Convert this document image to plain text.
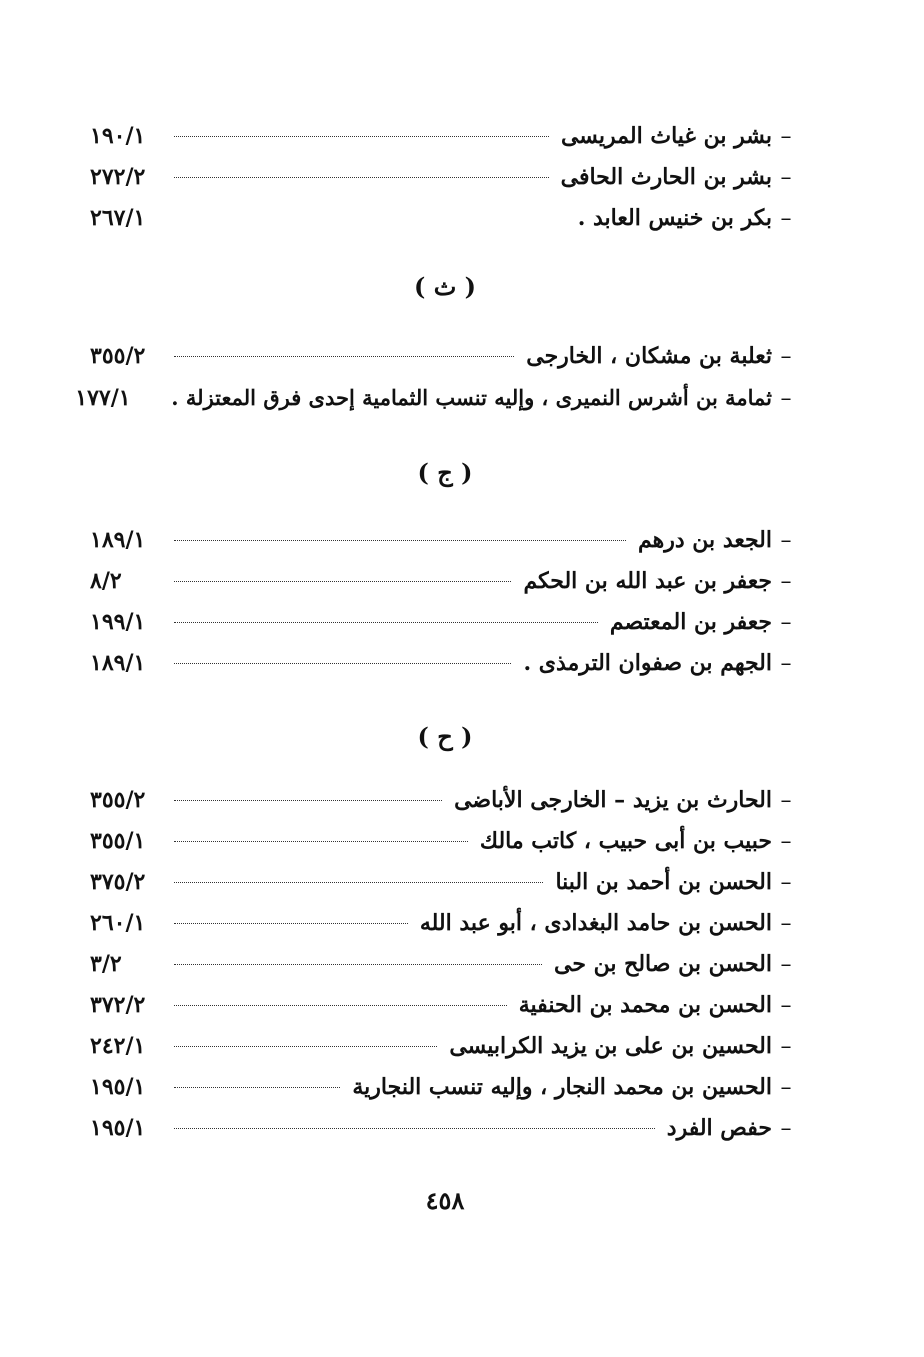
–
بشر بن غياث المريسى
١٩٠/١
–
بشر بن الحارث الحافى
٢٧٢/٢
–
بكر بن خنيس العابد .
٢٦٧/١
( ث )
–
ثعلبة بن مشكان ، الخارجى
٣٥٥/٢
–
ثمامة بن أشرس النميرى ، وإليه تنسب الثمامية إحدى فرق المعتزلة .
١٧٧/١
( ج )
–
الجعد بن درهم
١٨٩/١
–
جعفر بن عبد الله بن الحكم
٨/٢
–
جعفر بن المعتصم
١٩٩/١
–
الجهم بن صفوان الترمذى .
١٨٩/١
( ح )
–
الحارث بن يزيد – الخارجى الأباضى
٣٥٥/٢
–
حبيب بن أبى حبيب ، كاتب مالك
٣٥٥/١
–
الحسن بن أحمد بن البنا
٣٧٥/٢
–
الحسن بن حامد البغدادى ، أبو عبد الله
٢٦٠/١
–
الحسن بن صالح بن حى
٣/٢
–
الحسن بن محمد بن الحنفية
٣٧٢/٢
–
الحسين بن على بن يزيد الكرابيسى
٢٤٢/١
–
الحسين بن محمد النجار ، وإليه تنسب النجارية
١٩٥/١
–
حفص الفرد
١٩٥/١
٤٥٨
